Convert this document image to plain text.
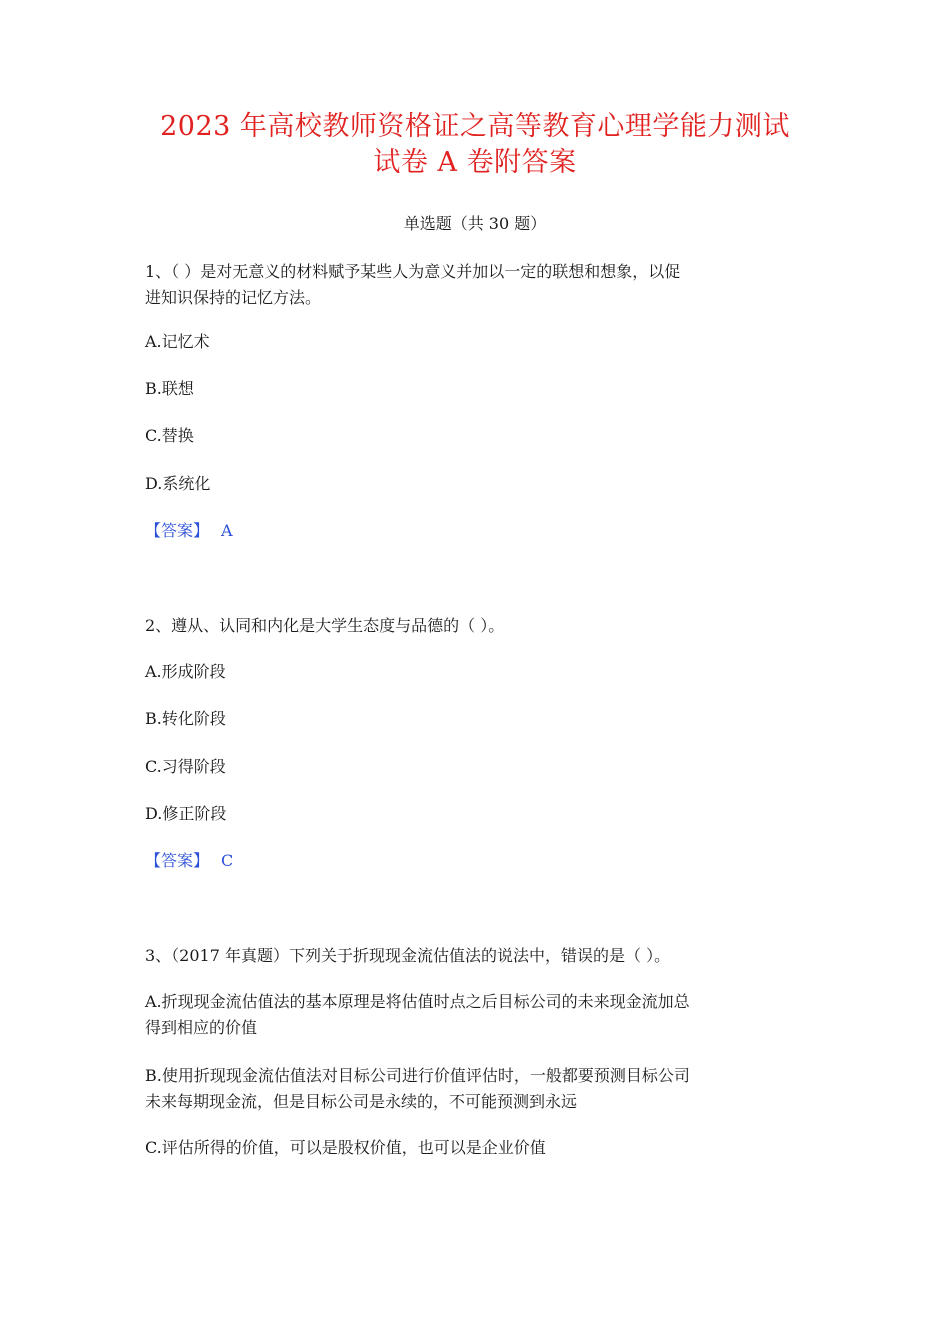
2023 年高校教师资格证之高等教育心理学能力测试
试卷 A 卷附答案
单选题（共 30 题）
1、（ ）是对无意义的材料赋予某些人为意义并加以一定的联想和想象，以促
进知识保持的记忆方法。
A.记忆术
B.联想
C.替换
D.系统化
【答案】 A
2、遵从、认同和内化是大学生态度与品德的（ ）。
A.形成阶段
B.转化阶段
C.习得阶段
D.修正阶段
【答案】 C
3、（2017 年真题）下列关于折现现金流估值法的说法中，错误的是（ ）。
A.折现现金流估值法的基本原理是将估值时点之后目标公司的未来现金流加总
得到相应的价值
B.使用折现现金流估值法对目标公司进行价值评估时，一般都要预测目标公司
未来每期现金流，但是目标公司是永续的，不可能预测到永远
C.评估所得的价值，可以是股权价值，也可以是企业价值
